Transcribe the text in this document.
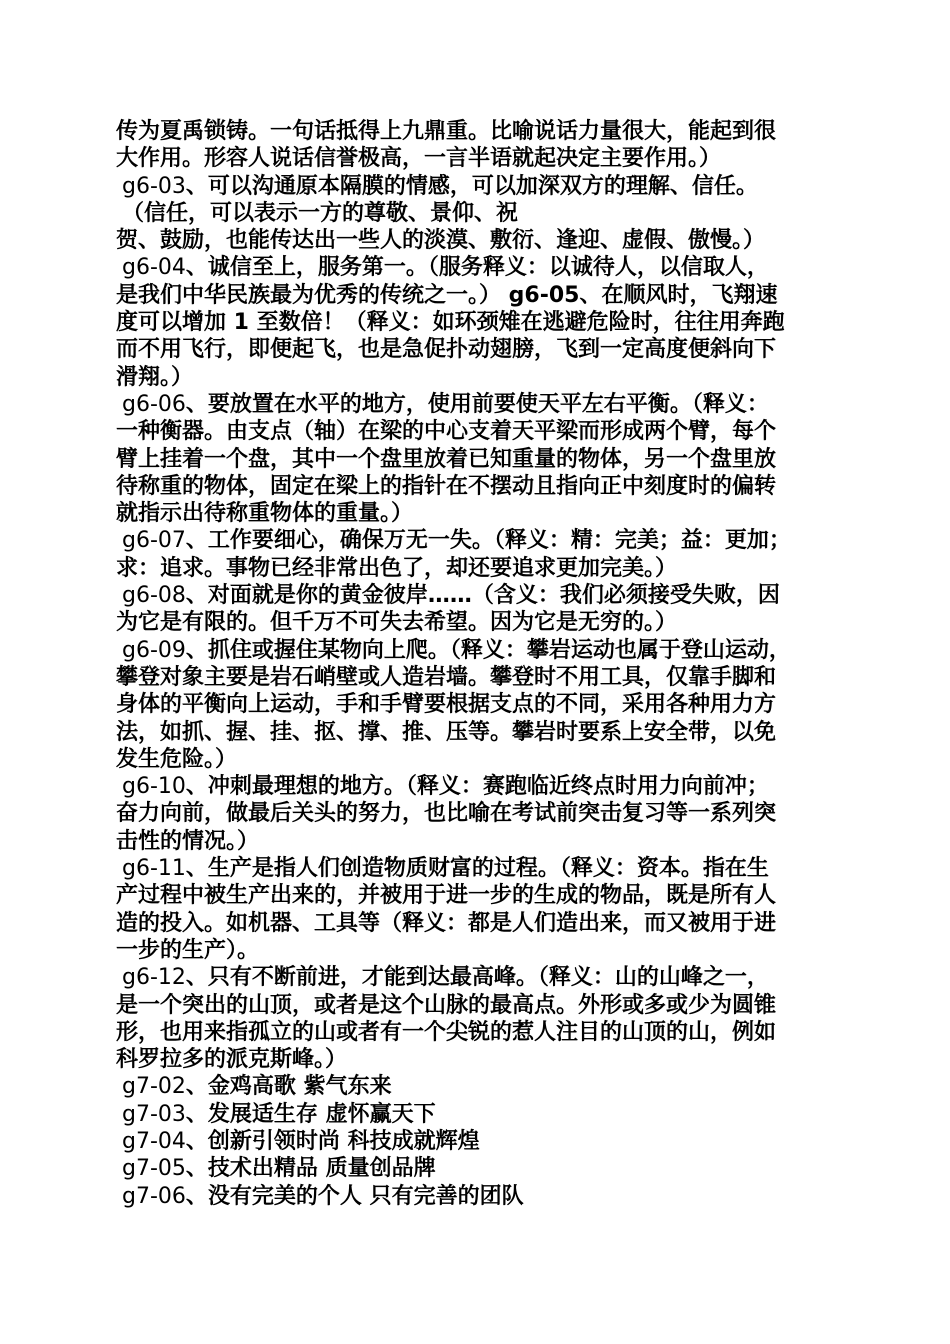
传为夏禹锁铸。一句话抵得上九鼎重。比喻说话力量很大，能起到很
大作用。形容人说话信誉极高，一言半语就起决定主要作用。）
g6-03、可以沟通原本隔膜的情感，可以加深双方的理解、信任。
（信任，可以表示一方的尊敬、景仰、祝
贺、鼓励，也能传达出一些人的淡漠、敷衍、逢迎、虚假、傲慢。）
g6-04、诚信至上，服务第一。（服务释义：以诚待人，以信取人，
是我们中华民族最为优秀的传统之一。） g6-05、在顺风时，飞翔速
度可以增加 1 至数倍！（释义：如环颈雉在逃避危险时，往往用奔跑
而不用飞行，即便起飞，也是急促扑动翅膀，飞到一定高度便斜向下
滑翔。）
g6-06、要放置在水平的地方，使用前要使天平左右平衡。（释义：
一种衡器。由支点（轴）在梁的中心支着天平梁而形成两个臂，每个
臂上挂着一个盘，其中一个盘里放着已知重量的物体，另一个盘里放
待称重的物体，固定在梁上的指针在不摆动且指向正中刻度时的偏转
就指示出待称重物体的重量。）
g6-07、工作要细心，确保万无一失。（释义：精：完美；益：更加；
求：追求。事物已经非常出色了，却还要追求更加完美。）
g6-08、对面就是你的黄金彼岸……（含义：我们必须接受失败，因
为它是有限的。但千万不可失去希望。因为它是无穷的。）
g6-09、抓住或握住某物向上爬。（释义：攀岩运动也属于登山运动，
攀登对象主要是岩石峭壁或人造岩墙。攀登时不用工具，仅靠手脚和
身体的平衡向上运动，手和手臂要根据支点的不同，采用各种用力方
法，如抓、握、挂、抠、撑、推、压等。攀岩时要系上安全带，以免
发生危险。）
g6-10、冲刺最理想的地方。（释义：赛跑临近终点时用力向前冲；
奋力向前，做最后关头的努力，也比喻在考试前突击复习等一系列突
击性的情况。）
g6-11、生产是指人们创造物质财富的过程。（释义：资本。指在生
产过程中被生产出来的，并被用于进一步的生成的物品，既是所有人
造的投入。如机器、工具等（释义：都是人们造出来，而又被用于进
一步的生产）。
g6-12、只有不断前进，才能到达最高峰。（释义：山的山峰之一，
是一个突出的山顶，或者是这个山脉的最高点。外形或多或少为圆锥
形，也用来指孤立的山或者有一个尖锐的惹人注目的山顶的山，例如
科罗拉多的派克斯峰。）
g7-02、金鸡高歌 紫气东来
g7-03、发展适生存 虚怀赢天下
g7-04、创新引领时尚 科技成就辉煌
g7-05、技术出精品 质量创品牌
g7-06、没有完美的个人 只有完善的团队
